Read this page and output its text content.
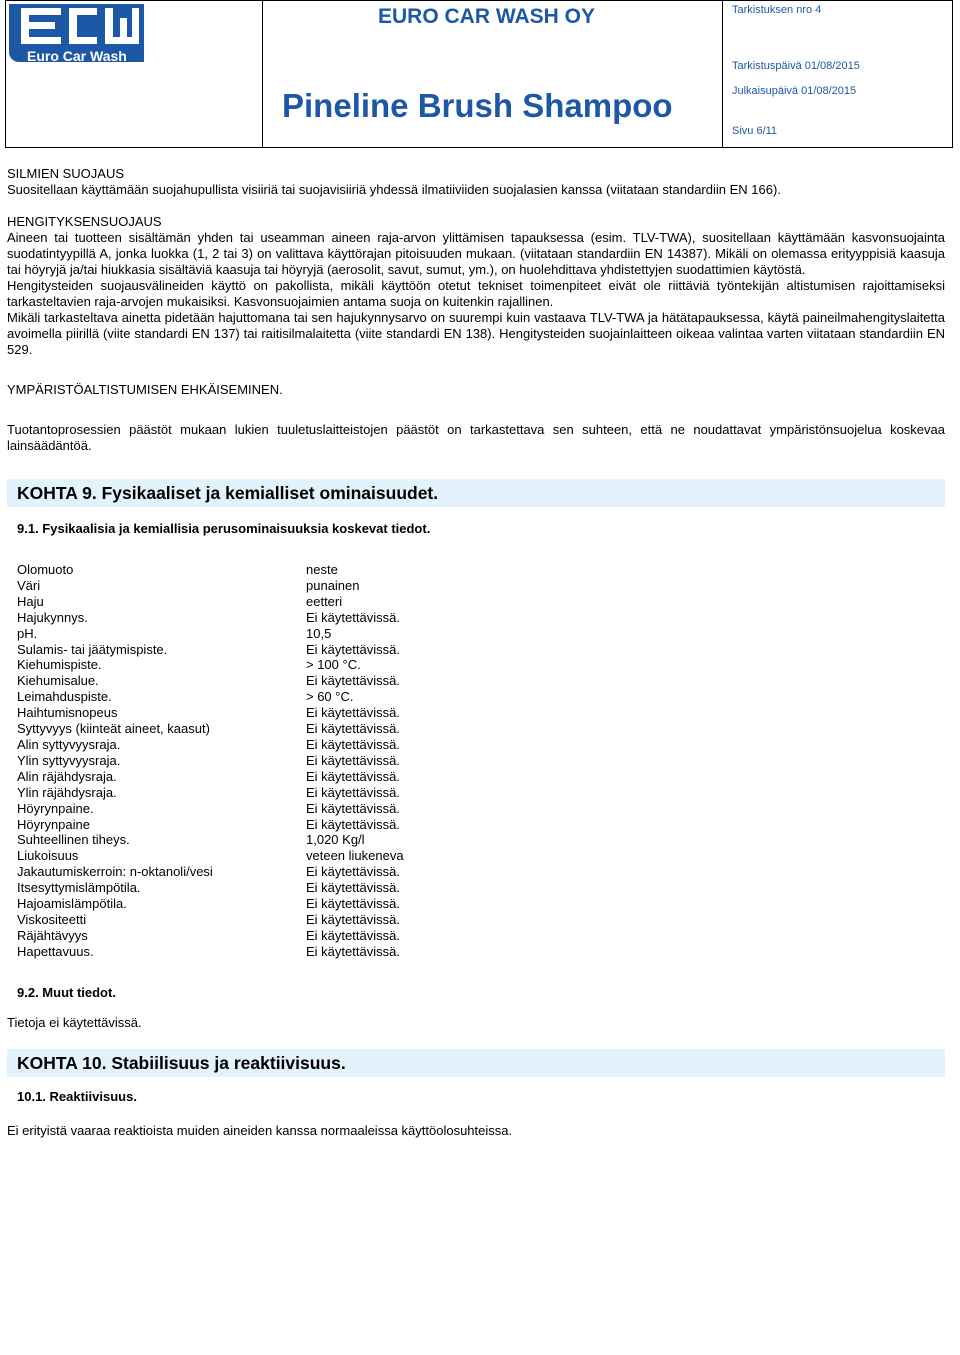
Euro Car Wash
EURO CAR WASH OY
Pineline Brush Shampoo
Tarkistuksen nro 4
Tarkistuspäivä 01/08/2015
Julkaisupäivä 01/08/2015
Sivu 6/11

SILMIEN SUOJAUS

Suositellaan käyttämään suojahupullista visiiriä tai suojavisiiriä yhdessä ilmatiiviiden suojalasien kanssa (viitataan standardiin EN 166).

HENGITYKSENSUOJAUS

Aineen tai tuotteen sisältämän yhden tai useamman aineen raja-arvon ylittämisen tapauksessa (esim. TLV-TWA), suositellaan käyttämään kasvonsuojainta suodatintyypillä A, jonka luokka (1, 2 tai 3) on valittava käyttörajan pitoisuuden mukaan. (viitataan standardiin EN 14387). Mikäli on olemassa erityyppisiä kaasuja tai höyryjä ja/tai hiukkasia sisältäviä kaasuja tai höyryjä (aerosolit, savut, sumut, ym.), on huolehdittava yhdistettyjen suodattimien käytöstä.

Hengitysteiden suojausvälineiden käyttö on pakollista, mikäli käyttöön otetut tekniset toimenpiteet eivät ole riittäviä työntekijän altistumisen rajoittamiseksi tarkasteltavien raja-arvojen mukaisiksi. Kasvonsuojaimien antama suoja on kuitenkin rajallinen.

Mikäli tarkasteltava ainetta pidetään hajuttomana tai sen hajukynnysarvo on suurempi kuin vastaava TLV-TWA ja hätätapauksessa, käytä paineilmahengityslaitetta avoimella piirillä (viite standardi EN 137) tai raitisilmalaitetta (viite standardi EN 138). Hengitysteiden suojainlaitteen oikeaa valintaa varten viitataan standardiin EN 529.

YMPÄRISTÖALTISTUMISEN EHKÄISEMINEN.

Tuotantoprosessien päästöt mukaan lukien tuuletuslaitteistojen päästöt on tarkastettava sen suhteen, että ne noudattavat ympäristönsuojelua koskevaa lainsäädäntöä.

KOHTA 9. Fysikaaliset ja kemialliset ominaisuudet.

9.1. Fysikaalisia ja kemiallisia perusominaisuuksia koskevat tiedot.

Olomuoto	neste
Väri	punainen
Haju	eetteri
Hajukynnys.	Ei käytettävissä.
pH.	10,5
Sulamis- tai jäätymispiste.	Ei käytettävissä.
Kiehumispiste.	> 100 °C.
Kiehumisalue.	Ei käytettävissä.
Leimahduspiste.	> 60 °C.
Haihtumisnopeus	Ei käytettävissä.
Syttyvyys (kiinteät aineet, kaasut)	Ei käytettävissä.
Alin syttyvyysraja.	Ei käytettävissä.
Ylin syttyvyysraja.	Ei käytettävissä.
Alin räjähdysraja.	Ei käytettävissä.
Ylin räjähdysraja.	Ei käytettävissä.
Höyrynpaine.	Ei käytettävissä.
Höyrynpaine	Ei käytettävissä.
Suhteellinen tiheys.	1,020 Kg/l
Liukoisuus	veteen liukeneva
Jakautumiskerroin: n-oktanoli/vesi	Ei käytettävissä.
Itsesyttymislämpötila.	Ei käytettävissä.
Hajoamislämpötila.	Ei käytettävissä.
Viskositeetti	Ei käytettävissä.
Räjähtävyys	Ei käytettävissä.
Hapettavuus.	Ei käytettävissä.

9.2. Muut tiedot.

Tietoja ei käytettävissä.

KOHTA 10. Stabiilisuus ja reaktiivisuus.

10.1. Reaktiivisuus.

Ei erityistä vaaraa reaktioista muiden aineiden kanssa normaaleissa käyttöolosuhteissa.
